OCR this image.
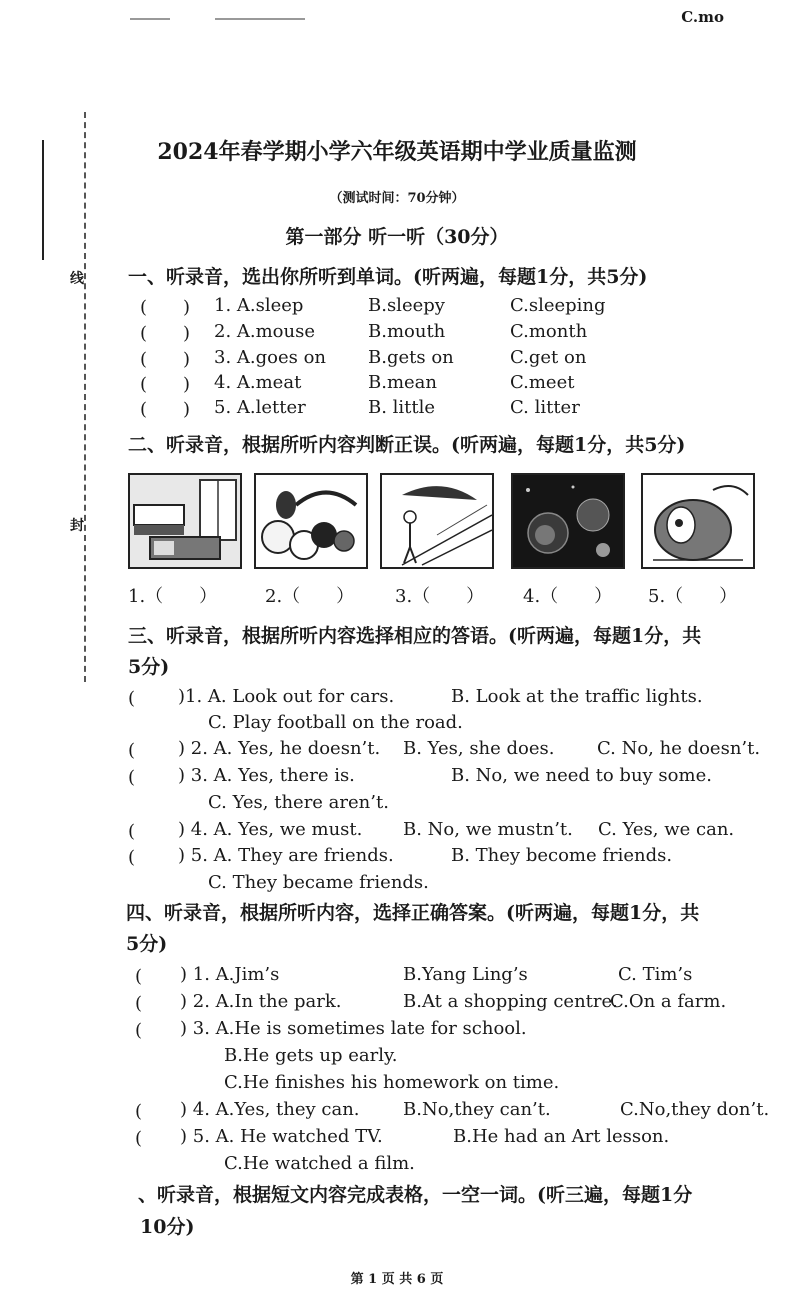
C.mo
线
封
2024年春学期小学六年级英语期中学业质量监测
（测试时间：70分钟）
第一部分 听一听（30分）
一、听录音，选出你所听到单词。(听两遍，每题1分，共5分)
(　　) 1. A.sleep	B.sleepy	C.sleeping
(　　) 2. A.mouse	B.mouth	C.month
(　　) 3. A.goes on B.gets on	C.get on
(　　) 4. A.meat	B.mean	C.meet
(　　) 5. A.letter	B. little	C. litter
二、听录音，根据所听内容判断正误。(听两遍，每题1分，共5分)
1.（　　）	2.（　　） 3.（　　） 4.（　　） 5.（　　）
三、听录音，根据所听内容选择相应的答语。(听两遍，每题1分，共
5分)
(　 )1. A. Look out for cars.	B. Look at the traffic lights.
C. Play football on the road.
(　 ) 2. A. Yes, he doesn’t. B. Yes, she does. C. No, he doesn’t.
(　 ) 3. A. Yes, there is.	B. No, we need to buy some.
C. Yes, there aren’t.
(　 ) 4. A. Yes, we must. B. No, we mustn’t. C. Yes, we can.
(　 ) 5. A. They are friends.	B. They become friends.
C. They became friends.
四、听录音，根据所听内容，选择正确答案。(听两遍，每题1分，共
5分)
(　 ) 1. A.Jim’s	B.Yang Ling’s	C. Tim’s
(　 ) 2. A.In the park.	B.At a shopping centre.
C.On a farm.
(　 ) 3. A.He is sometimes late for school.
B.He gets up early.
C.He finishes his homework on time.
(　 ) 4. A.Yes, they can. B.No,they can’t.	C.No,they don’t.
(　 ) 5. A. He watched TV.	B.He had an Art lesson.
C.He watched a film.
、听录音，根据短文内容完成表格，一空一词。(听三遍，每题1分
10分)
第 1 页 共 6 页
